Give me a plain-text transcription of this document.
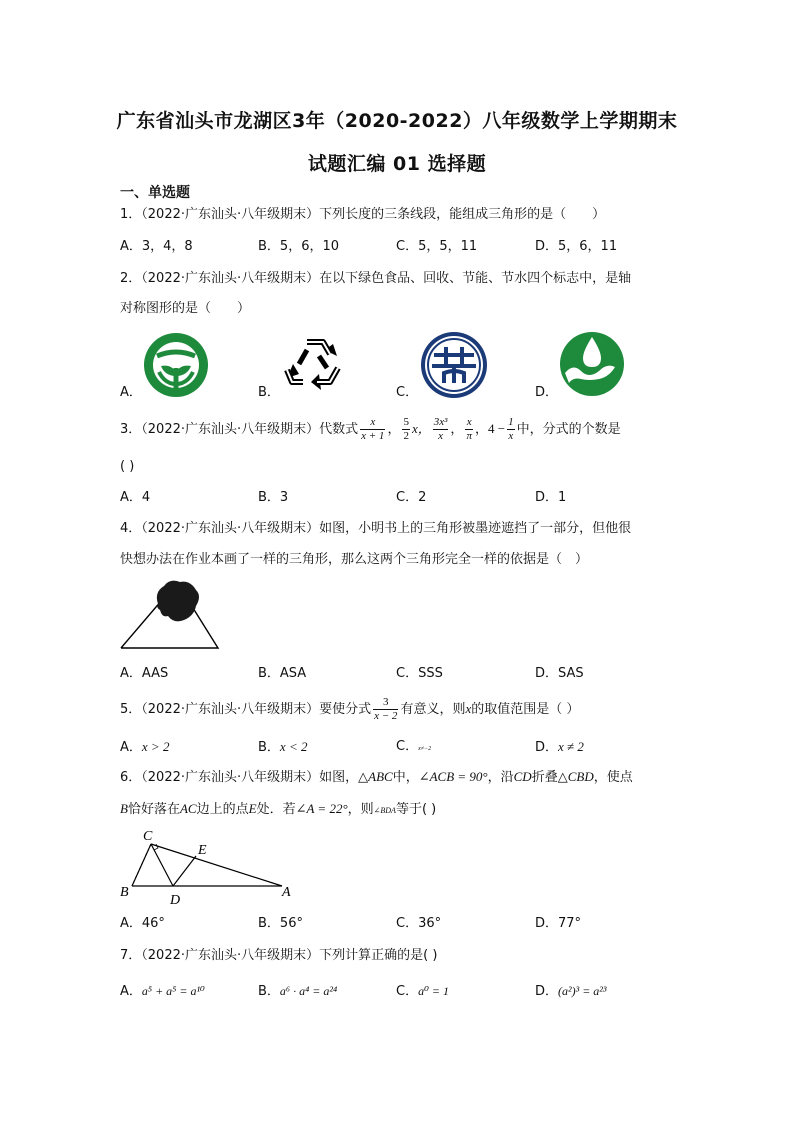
广东省汕头市龙湖区3年（2020-2022）八年级数学上学期期末
试题汇编 01 选择题
一、单选题
1．（2022·广东汕头·八年级期末）下列长度的三条线段，能组成三角形的是（　　）
A．3，4，8	B．5，6，10	C．5，5，11	D．5，6，11
2．（2022·广东汕头·八年级期末）在以下绿色食品、回收、节能、节水四个标志中，是轴
对称图形的是（　　）
A．	B．	C．	D．
3．（2022·广东汕头·八年级期末）代数式 $\frac{x}{x + 1}$ ， $\frac{5}{2}$ x， $\frac{\text{3x³}}{x}$ ， $\frac{x}{\pi}$ ，$4 - \frac{1}{x}$ 中，分式的个数是
( )
A．4	B．3	C．2	D．1
4．（2022·广东汕头·八年级期末）如图，小明书上的三角形被墨迹遮挡了一部分，但他很
快想办法在作业本画了一样的三角形，那么这两个三角形完全一样的依据是（　）
A．AAS	B．ASA	C．SSS	D．SAS
5．（2022·广东汕头·八年级期末）要使分式 $\frac{3}{x - 2}$ 有意义，则x的取值范围是（ ）
A．x > 2	B．x < 2	C．x≠−2	D．x ≠ 2
6．（2022·广东汕头·八年级期末）如图，△ABC中，∠ACB = 90°，沿CD折叠△CBD，使点
B恰好落在AC边上的点E处．若∠A = 22°，则∠BDA等于( )
C
E
B
D
A
A．46°	B．56°	C．36°	D．77°
7．（2022·广东汕头·八年级期末）下列计算正确的是( )
A．a⁵ + a⁵ = a¹⁰	B．a⁶ · a⁴ = a²⁴	C．a⁰ = 1	D．(a²)³ = a²³
